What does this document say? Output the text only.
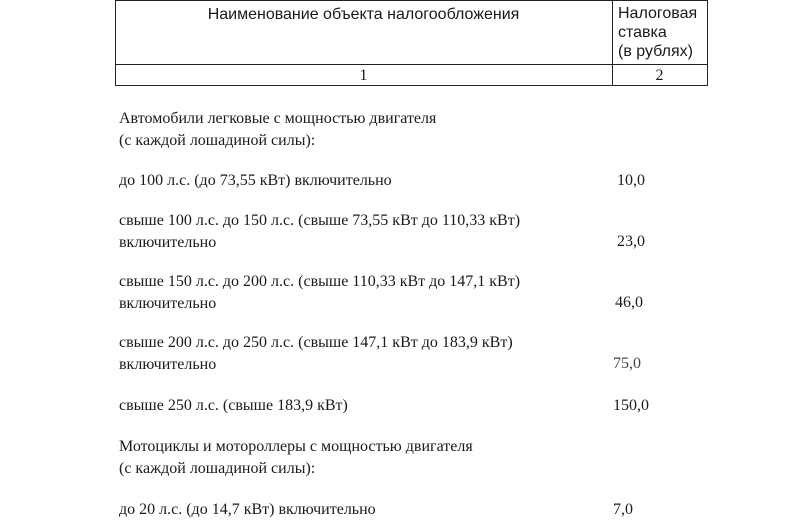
Наименование объекта налогообложения	Налоговая
ставка
(в рублях)
1	2
Автомобили легковые с мощностью двигателя
(с каждой лошадиной силы):
до 100 л.с. (до 73,55 кВт) включительно	10,0
свыше 100 л.с. до 150 л.с. (свыше 73,55 кВт до 110,33 кВт)
включительно	23,0
свыше 150 л.с. до 200 л.с. (свыше 110,33 кВт до 147,1 кВт)
включительно	46,0
свыше 200 л.с. до 250 л.с. (свыше 147,1 кВт до 183,9 кВт)
включительно	75,0
свыше 250 л.с. (свыше 183,9 кВт)	150,0
Мотоциклы и мотороллеры с мощностью двигателя
(с каждой лошадиной силы):
до 20 л.с. (до 14,7 кВт) включительно	7,0
